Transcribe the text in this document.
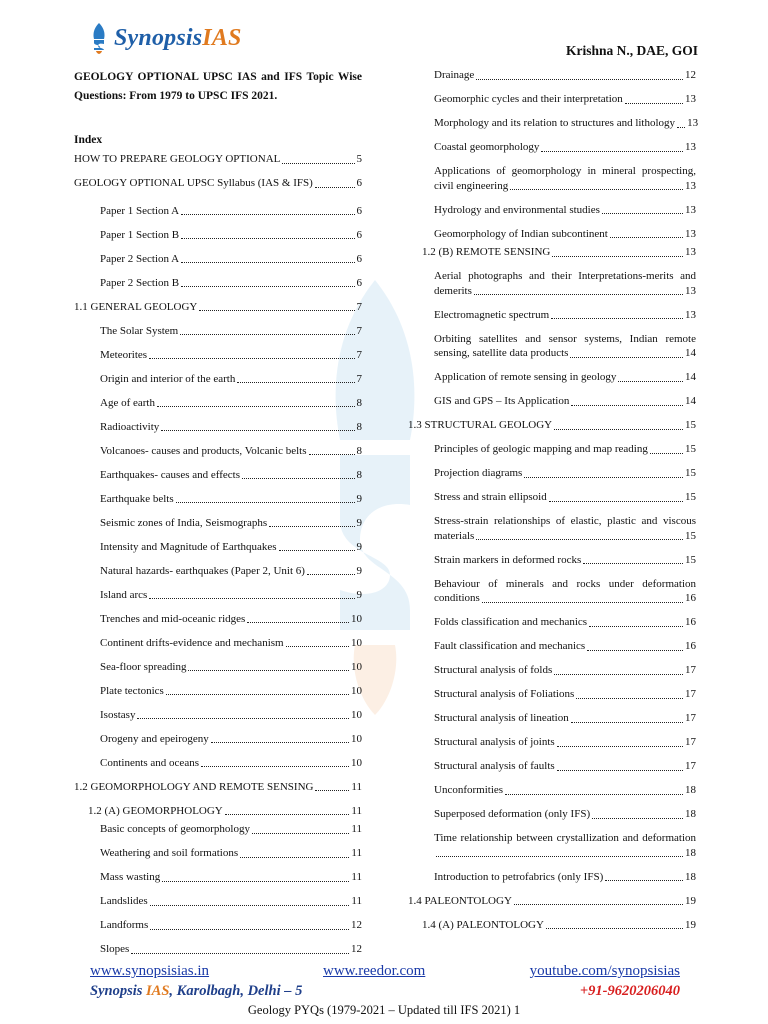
SynopsisIAS	Krishna N., DAE, GOI
GEOLOGY OPTIONAL UPSC IAS and IFS Topic Wise Questions: From 1979 to UPSC IFS 2021.
Index
HOW TO PREPARE GEOLOGY OPTIONAL	5
GEOLOGY OPTIONAL UPSC Syllabus (IAS & IFS)	6
Paper 1 Section A	6
Paper 1 Section B	6
Paper 2 Section A	6
Paper 2 Section B	6
1.1 GENERAL GEOLOGY	7
The Solar System	7
Meteorites	7
Origin and interior of the earth	7
Age of earth	8
Radioactivity	8
Volcanoes- causes and products, Volcanic belts	8
Earthquakes- causes and effects	8
Earthquake belts	9
Seismic zones of India, Seismographs	9
Intensity and Magnitude of Earthquakes	9
Natural hazards- earthquakes (Paper 2, Unit 6)	9
Island arcs	9
Trenches and mid-oceanic ridges	10
Continent drifts-evidence and mechanism	10
Sea-floor spreading	10
Plate tectonics	10
Isostasy	10
Orogeny and epeirogeny	10
Continents and oceans	10
1.2 GEOMORPHOLOGY AND REMOTE SENSING	11
1.2 (A) GEOMORPHOLOGY	11
Basic concepts of geomorphology	11
Weathering and soil formations	11
Mass wasting	11
Landslides	11
Landforms	12
Slopes	12
Drainage	12
Geomorphic cycles and their interpretation	13
Morphology and its relation to structures and lithology 13
Coastal geomorphology	13
Applications of geomorphology in mineral prospecting,
civil engineering	13
Hydrology and environmental studies	13
Geomorphology of Indian subcontinent	13
1.2 (B) REMOTE SENSING	13
Aerial photographs and their Interpretations-merits and
demerits	13
Electromagnetic spectrum	13
Orbiting satellites and sensor systems, Indian remote
sensing, satellite data products	14
Application of remote sensing in geology	14
GIS and GPS – Its Application	14
1.3 STRUCTURAL GEOLOGY	15
Principles of geologic mapping and map reading	15
Projection diagrams	15
Stress and strain ellipsoid	15
Stress-strain relationships of elastic, plastic and viscous
materials	15
Strain markers in deformed rocks	15
Behaviour of minerals and rocks under deformation
conditions	16
Folds classification and mechanics	16
Fault classification and mechanics	16
Structural analysis of folds	17
Structural analysis of Foliations	17
Structural analysis of lineation	17
Structural analysis of joints	17
Structural analysis of faults	17
Unconformities	18
Superposed deformation (only IFS)	18
Time relationship between crystallization and deformation
18
Introduction to petrofabrics (only IFS)	18
1.4 PALEONTOLOGY	19
1.4 (A) PALEONTOLOGY	19
www.synopsisias.in	www.reedor.com	youtube.com/synopsisias
Synopsis IAS, Karolbagh, Delhi – 5	+91-9620206040
Geology PYQs (1979-2021 – Updated till IFS 2021) 1
